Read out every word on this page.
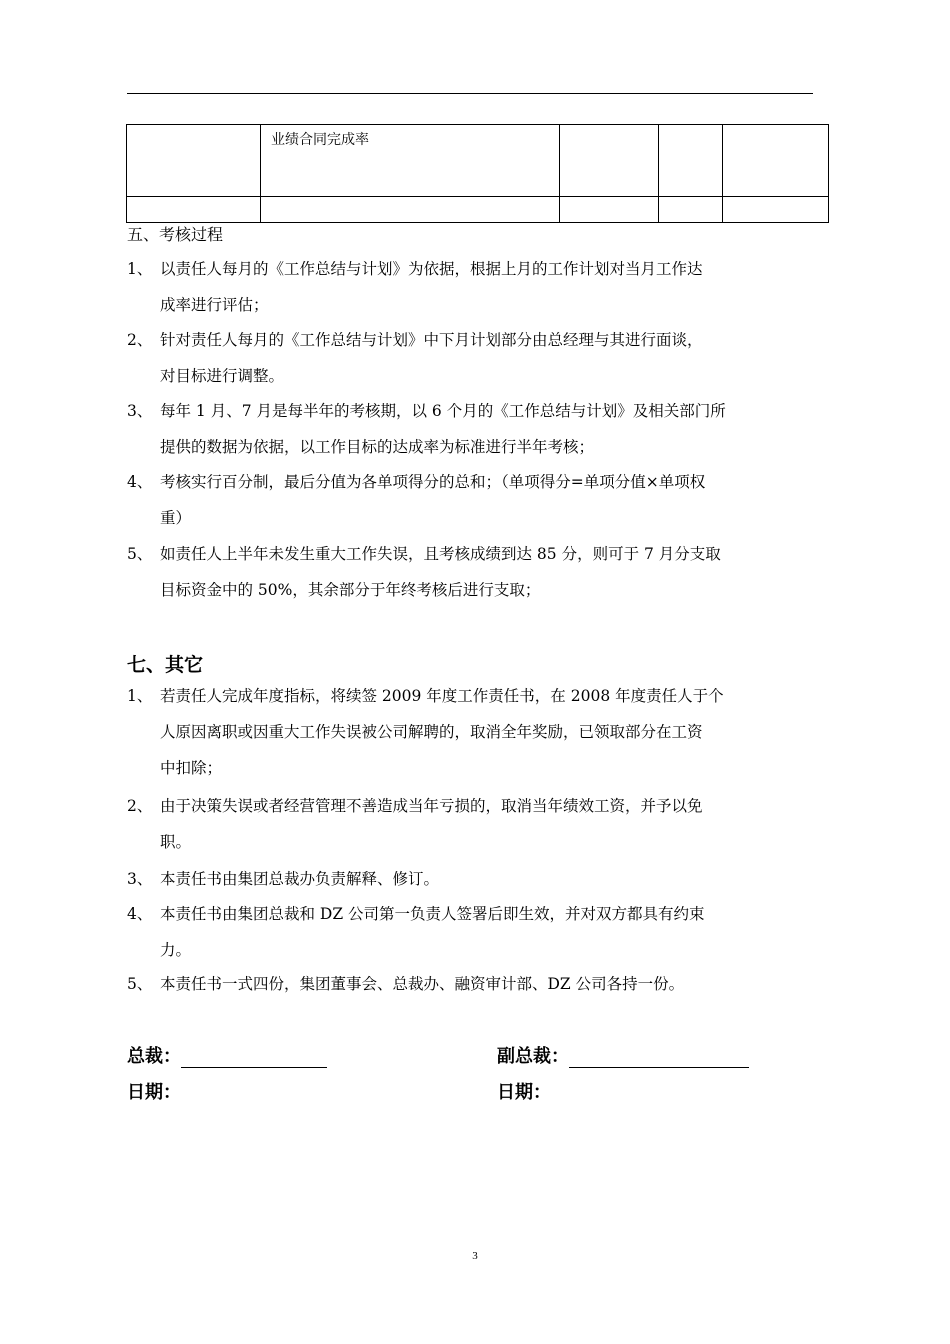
	业绩合同完成率			

五、考核过程
1、 以责任人每月的《工作总结与计划》为依据，根据上月的工作计划对当月工作达
成率进行评估；
2、 针对责任人每月的《工作总结与计划》中下月计划部分由总经理与其进行面谈，
对目标进行调整。
3、 每年 1 月、7 月是每半年的考核期，以 6 个月的《工作总结与计划》及相关部门所
提供的数据为依据，以工作目标的达成率为标准进行半年考核；
4、 考核实行百分制，最后分值为各单项得分的总和；（单项得分=单项分值×单项权
重）
5、 如责任人上半年未发生重大工作失误，且考核成绩到达 85 分，则可于 7 月分支取
目标资金中的 50%，其余部分于年终考核后进行支取；
七、其它
1、 若责任人完成年度指标，将续签 2009 年度工作责任书，在 2008 年度责任人于个
人原因离职或因重大工作失误被公司解聘的，取消全年奖励，已领取部分在工资
中扣除；
2、 由于决策失误或者经营管理不善造成当年亏损的，取消当年绩效工资，并予以免
职。
3、 本责任书由集团总裁办负责解释、修订。
4、 本责任书由集团总裁和 DZ 公司第一负责人签署后即生效，并对双方都具有约束
力。
5、 本责任书一式四份，集团董事会、总裁办、融资审计部、DZ 公司各持一份。
总裁：	副总裁：
日期：	日期：
3
